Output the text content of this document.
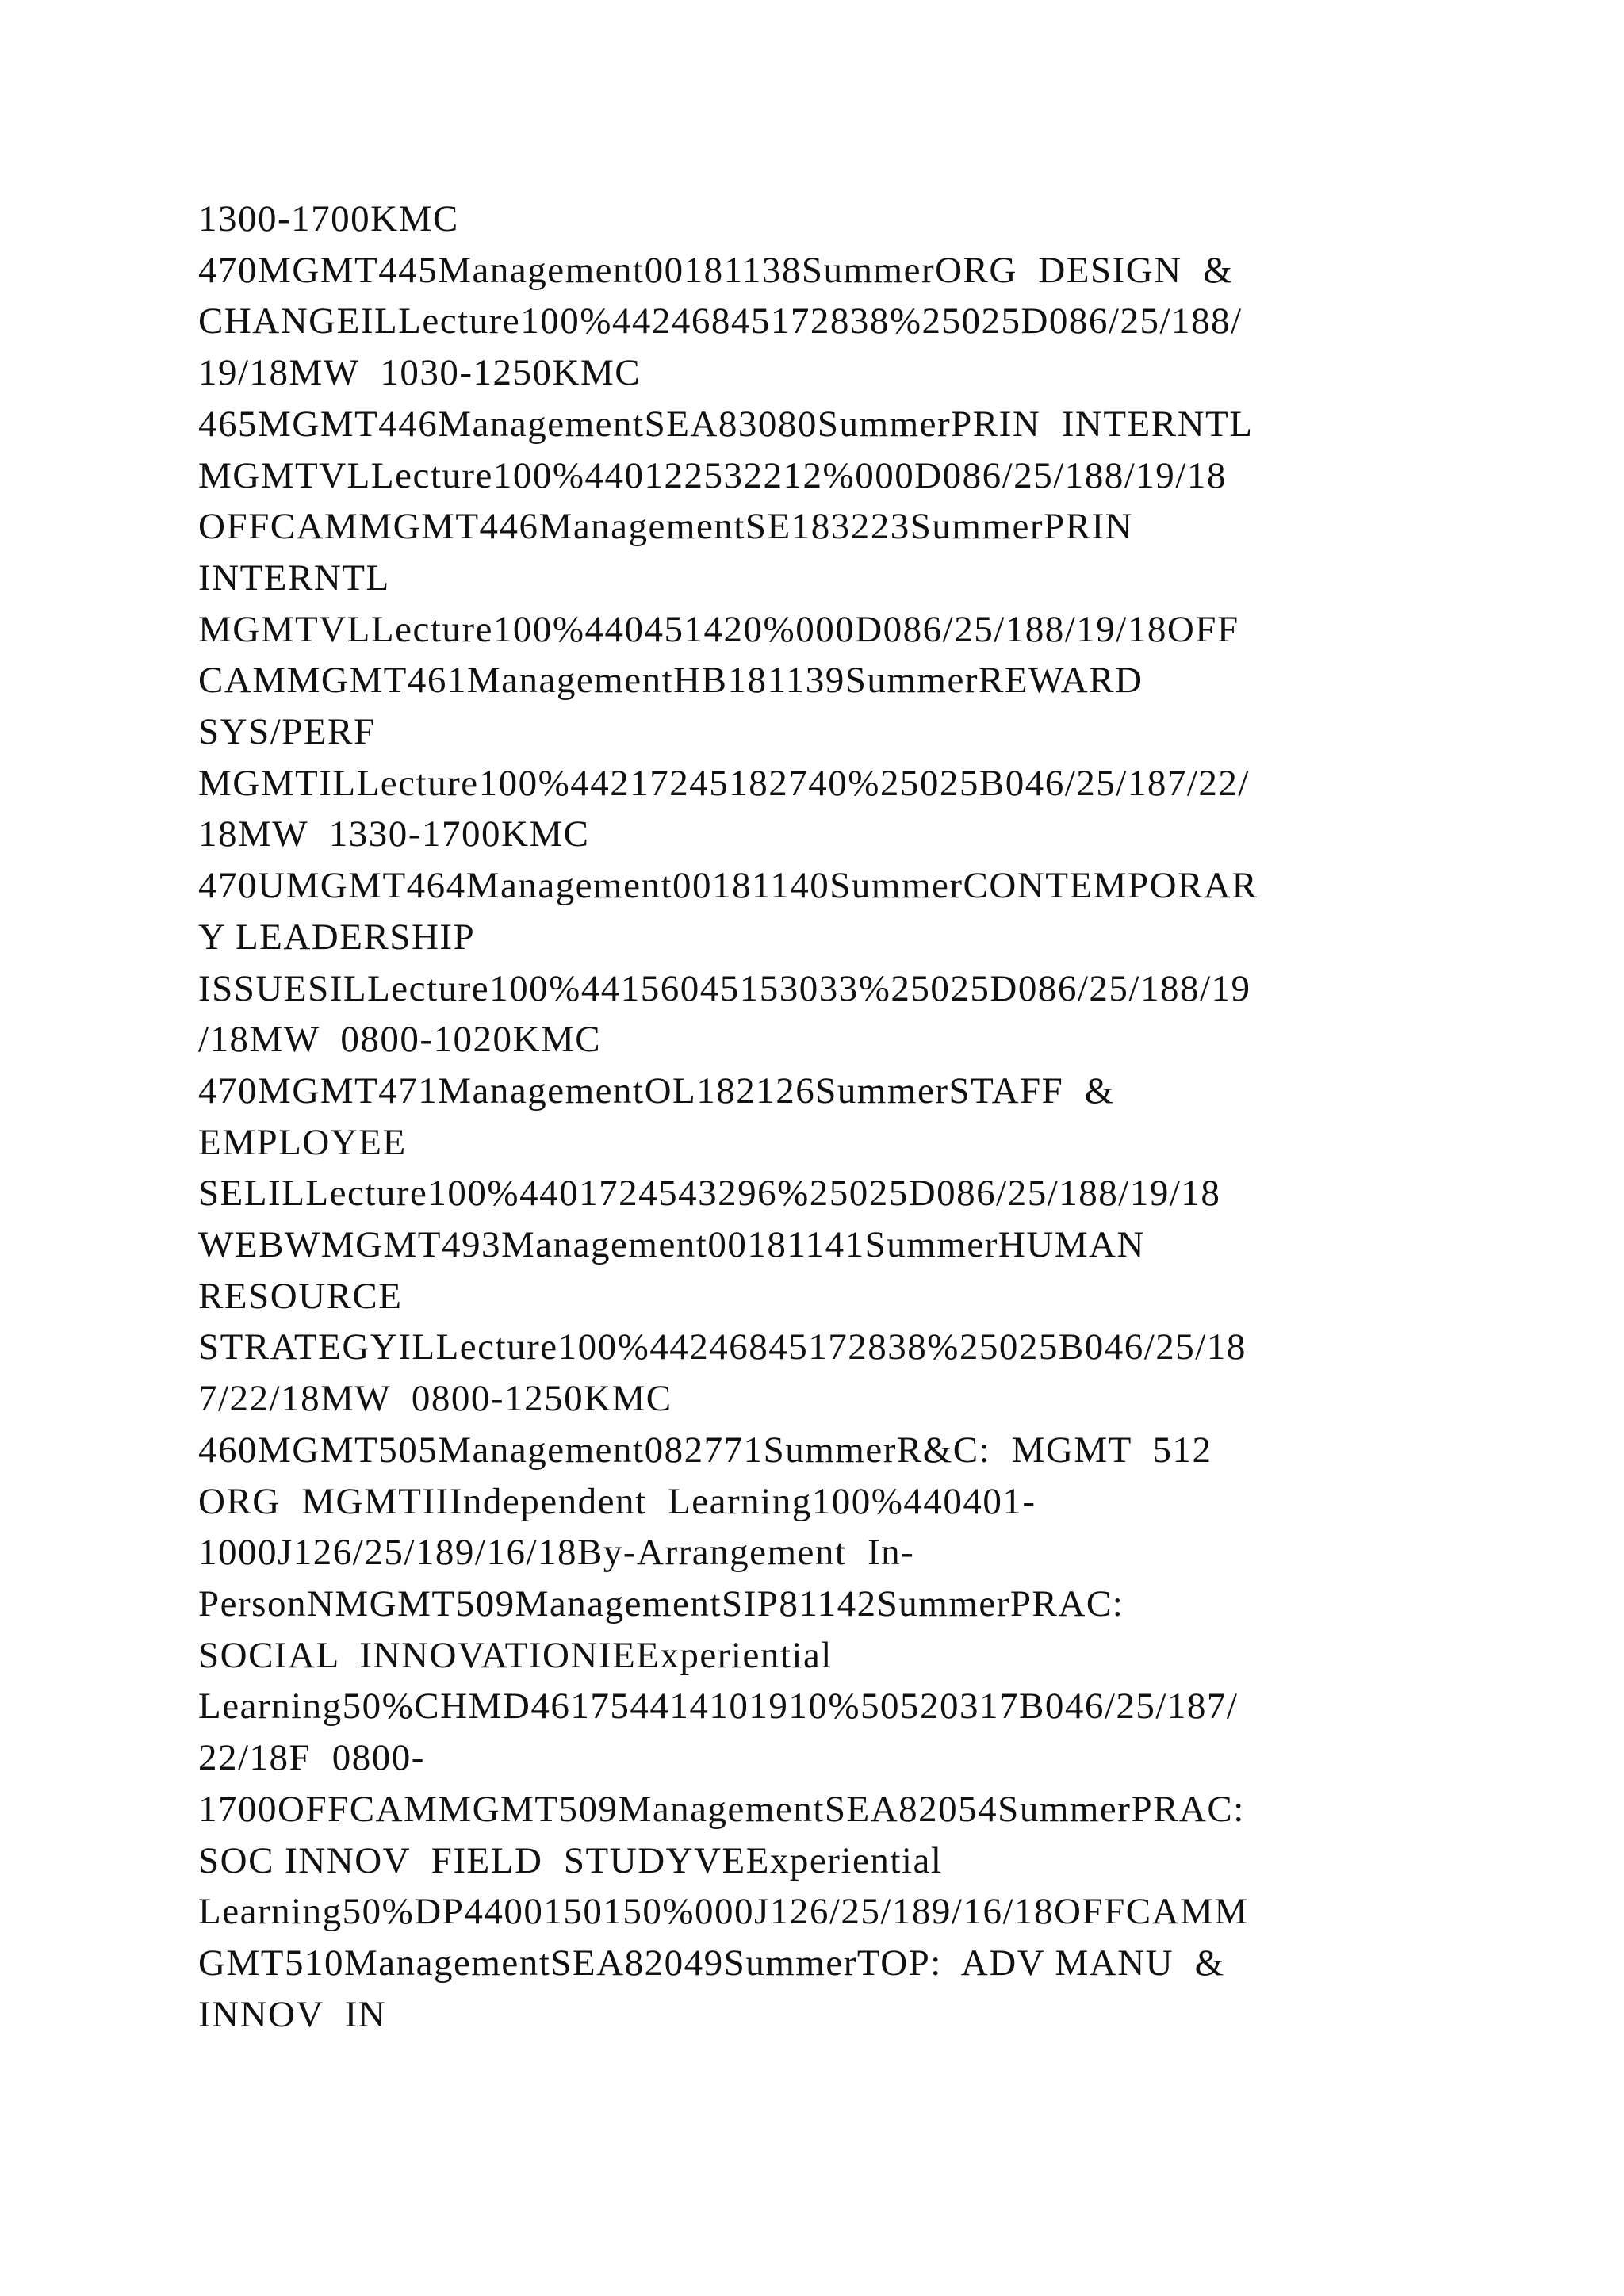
1300-1700KMC

470MGMT445Management00181138SummerORG  DESIGN  &

CHANGEILLecture100%44246845172838%25025D086/25/188/

19/18MW  1030-1250KMC

465MGMT446ManagementSEA83080SummerPRIN  INTERNTL

MGMTVLLecture100%440122532212%000D086/25/188/19/18

OFFCAMMGMT446ManagementSE183223SummerPRIN

INTERNTL

MGMTVLLecture100%440451420%000D086/25/188/19/18OFF

CAMMGMT461ManagementHB181139SummerREWARD

SYS/PERF

MGMTILLecture100%44217245182740%25025B046/25/187/22/

18MW  1330-1700KMC

470UMGMT464Management00181140SummerCONTEMPORAR

Y LEADERSHIP

ISSUESILLecture100%44156045153033%25025D086/25/188/19

/18MW  0800-1020KMC

470MGMT471ManagementOL182126SummerSTAFF  &

EMPLOYEE

SELILLecture100%4401724543296%25025D086/25/188/19/18

WEBWMGMT493Management00181141SummerHUMAN

RESOURCE

STRATEGYILLecture100%44246845172838%25025B046/25/18

7/22/18MW  0800-1250KMC

460MGMT505Management082771SummerR&C:  MGMT  512

ORG  MGMTIIIndependent  Learning100%440401-

1000J126/25/189/16/18By-Arrangement  In-

PersonNMGMT509ManagementSIP81142SummerPRAC:

SOCIAL  INNOVATIONIEExperiential

Learning50%CHMD461754414101910%50520317B046/25/187/

22/18F  0800-

1700OFFCAMMGMT509ManagementSEA82054SummerPRAC:

SOC INNOV  FIELD  STUDYVEExperiential

Learning50%DP4400150150%000J126/25/189/16/18OFFCAMM

GMT510ManagementSEA82049SummerTOP:  ADV MANU  &

INNOV  IN
